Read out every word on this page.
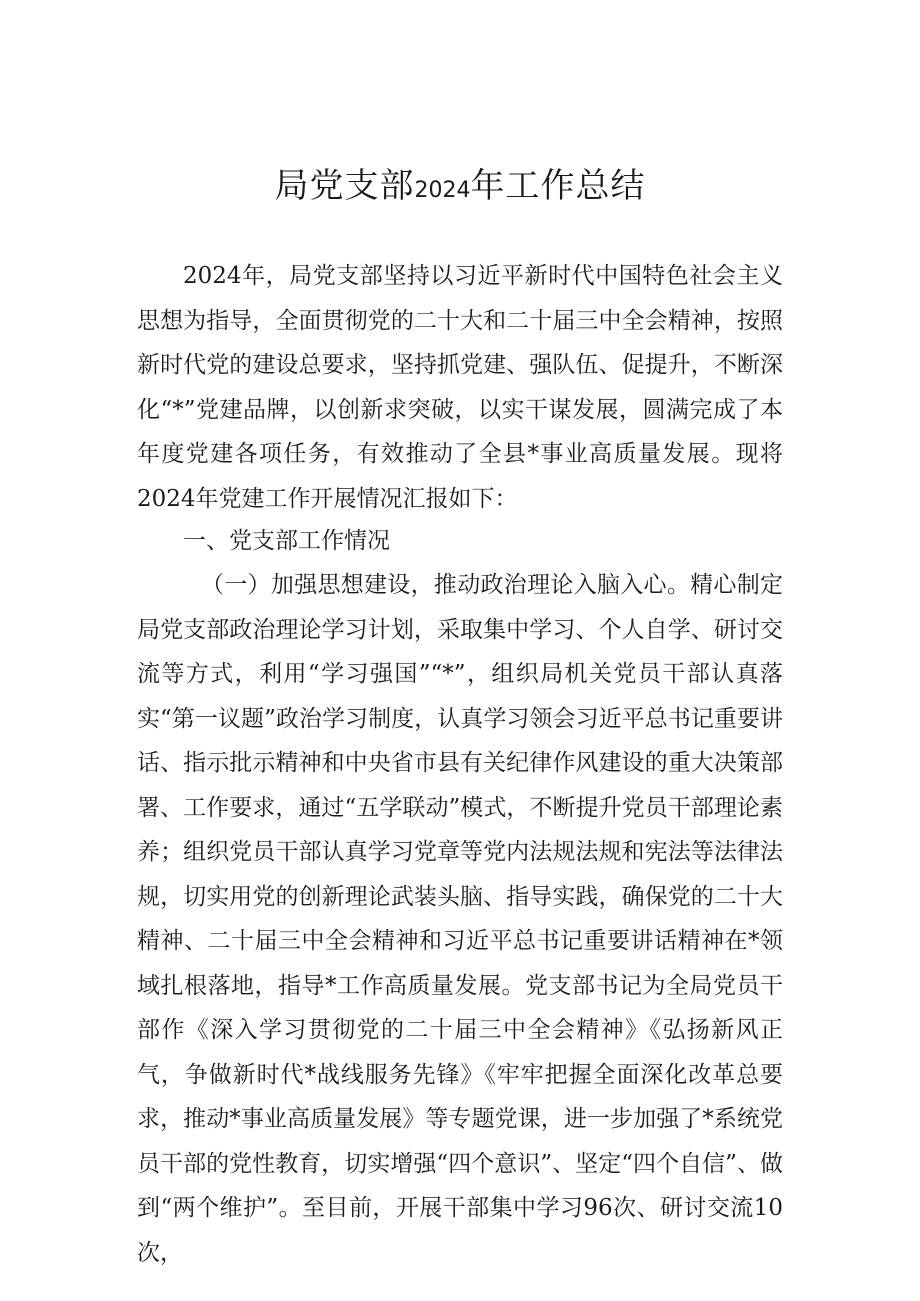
局党支部2024年工作总结

2024年，局党支部坚持以习近平新时代中国特色社会主义思想为指导，全面贯彻党的二十大和二十届三中全会精神，按照新时代党的建设总要求，坚持抓党建、强队伍、促提升，不断深化“*”党建品牌，以创新求突破，以实干谋发展，圆满完成了本年度党建各项任务，有效推动了全县*事业高质量发展。现将2024年党建工作开展情况汇报如下：

一、党支部工作情况

（一）加强思想建设，推动政治理论入脑入心。精心制定局党支部政治理论学习计划，采取集中学习、个人自学、研讨交流等方式，利用“学习强国”“*”，组织局机关党员干部认真落实“第一议题”政治学习制度，认真学习领会习近平总书记重要讲话、指示批示精神和中央省市县有关纪律作风建设的重大决策部署、工作要求，通过“五学联动”模式，不断提升党员干部理论素养；组织党员干部认真学习党章等党内法规法规和宪法等法律法规，切实用党的创新理论武装头脑、指导实践，确保党的二十大精神、二十届三中全会精神和习近平总书记重要讲话精神在*领域扎根落地，指导*工作高质量发展。党支部书记为全局党员干部作《深入学习贯彻党的二十届三中全会精神》《弘扬新风正气，争做新时代*战线服务先锋》《牢牢把握全面深化改革总要求，推动*事业高质量发展》等专题党课，进一步加强了*系统党员干部的党性教育，切实增强“四个意识”、坚定“四个自信”、做到“两个维护”。至目前，开展干部集中学习96次、研讨交流10次，
